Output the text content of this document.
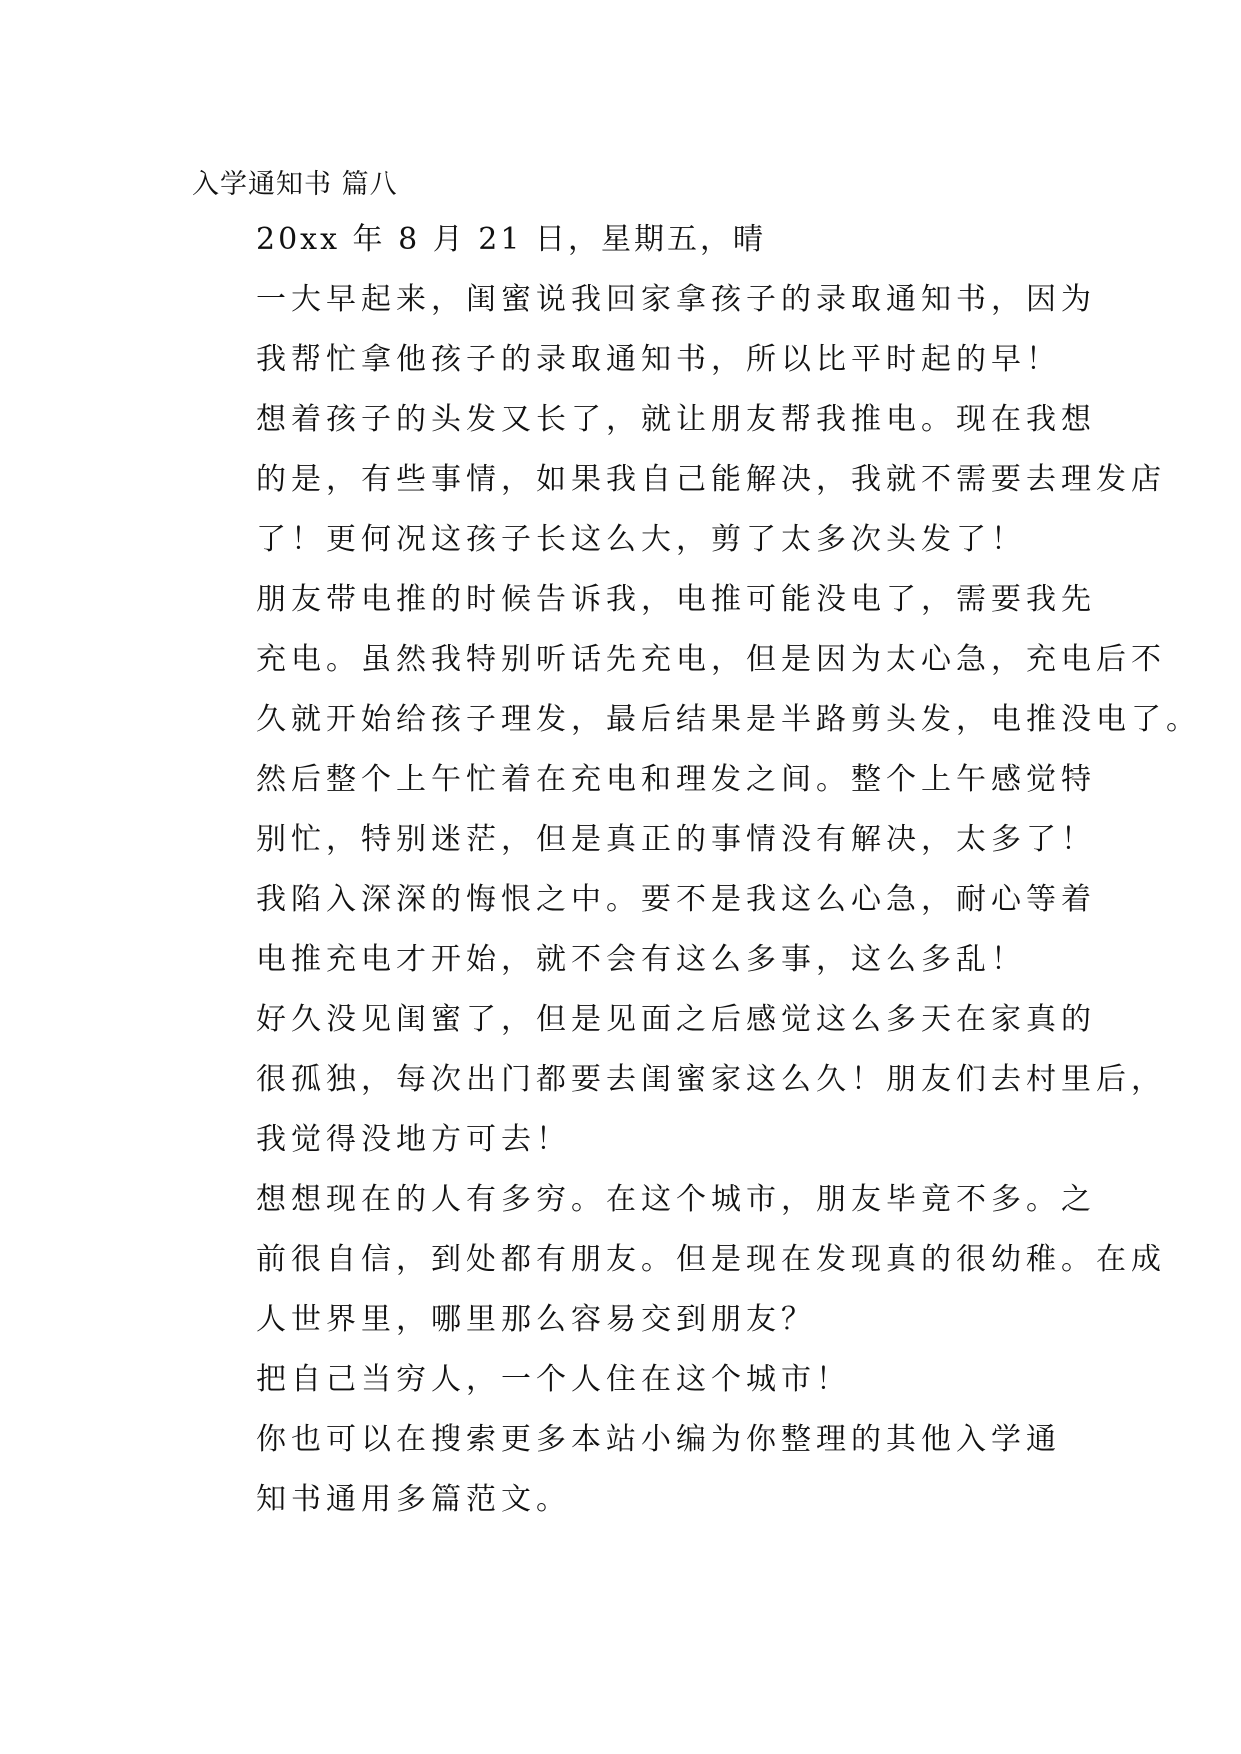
入学通知书 篇八

20xx 年 8 月 21 日，星期五，晴

一大早起来，闺蜜说我回家拿孩子的录取通知书，因为
我帮忙拿他孩子的录取通知书，所以比平时起的早！

想着孩子的头发又长了，就让朋友帮我推电。现在我想
的是，有些事情，如果我自己能解决，我就不需要去理发店
了！更何况这孩子长这么大，剪了太多次头发了！

朋友带电推的时候告诉我，电推可能没电了，需要我先
充电。虽然我特别听话先充电，但是因为太心急，充电后不
久就开始给孩子理发，最后结果是半路剪头发，电推没电了。

然后整个上午忙着在充电和理发之间。整个上午感觉特
别忙，特别迷茫，但是真正的事情没有解决，太多了！

我陷入深深的悔恨之中。要不是我这么心急，耐心等着
电推充电才开始，就不会有这么多事，这么多乱！

好久没见闺蜜了，但是见面之后感觉这么多天在家真的
很孤独，每次出门都要去闺蜜家这么久！朋友们去村里后，
我觉得没地方可去！

想想现在的人有多穷。在这个城市，朋友毕竟不多。之
前很自信，到处都有朋友。但是现在发现真的很幼稚。在成
人世界里，哪里那么容易交到朋友？

把自己当穷人，一个人住在这个城市！

你也可以在搜索更多本站小编为你整理的其他入学通
知书通用多篇范文。
